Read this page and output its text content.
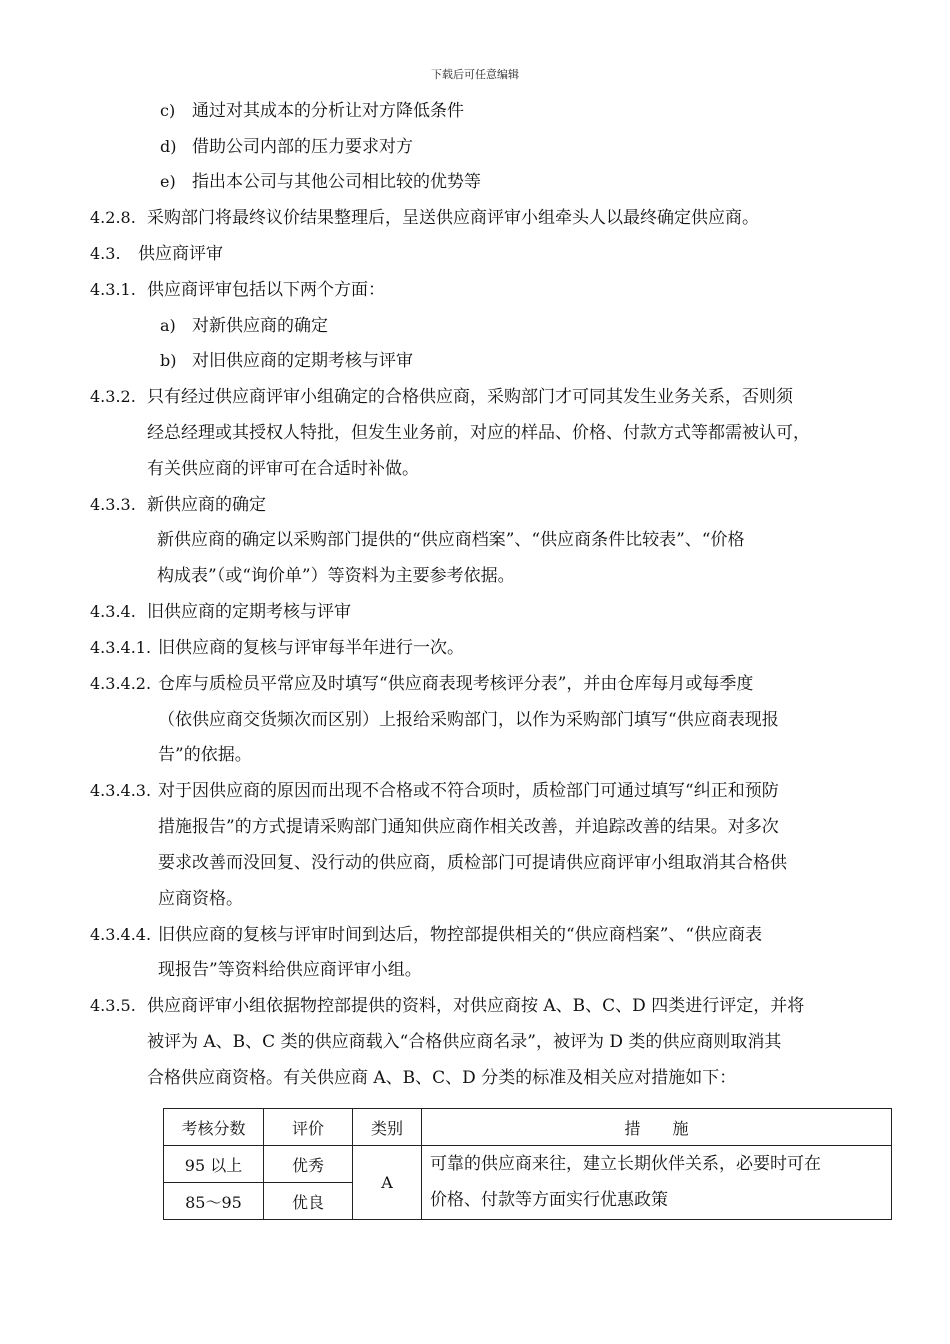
下载后可任意编辑
c) 通过对其成本的分析让对方降低条件
d) 借助公司内部的压力要求对方
e) 指出本公司与其他公司相比较的优势等
4.2.8. 采购部门将最终议价结果整理后，呈送供应商评审小组牵头人以最终确定供应商。
4.3. 供应商评审
4.3.1. 供应商评审包括以下两个方面：
a) 对新供应商的确定
b) 对旧供应商的定期考核与评审
4.3.2. 只有经过供应商评审小组确定的合格供应商，采购部门才可同其发生业务关系，否则须
经总经理或其授权人特批，但发生业务前，对应的样品、价格、付款方式等都需被认可，
有关供应商的评审可在合适时补做。
4.3.3. 新供应商的确定
新供应商的确定以采购部门提供的“供应商档案”、“供应商条件比较表”、“价格
构成表”（或“询价单”）等资料为主要参考依据。
4.3.4. 旧供应商的定期考核与评审
4.3.4.1. 旧供应商的复核与评审每半年进行一次。
4.3.4.2. 仓库与质检员平常应及时填写“供应商表现考核评分表”，并由仓库每月或每季度
（依供应商交货频次而区别）上报给采购部门，以作为采购部门填写“供应商表现报
告”的依据。
4.3.4.3. 对于因供应商的原因而出现不合格或不符合项时，质检部门可通过填写“纠正和预防
措施报告”的方式提请采购部门通知供应商作相关改善，并追踪改善的结果。对多次
要求改善而没回复、没行动的供应商，质检部门可提请供应商评审小组取消其合格供
应商资格。
4.3.4.4. 旧供应商的复核与评审时间到达后，物控部提供相关的“供应商档案”、“供应商表
现报告”等资料给供应商评审小组。
4.3.5. 供应商评审小组依据物控部提供的资料，对供应商按 A、B、C、D 四类进行评定，并将
被评为 A、B、C 类的供应商载入“合格供应商名录”，被评为 D 类的供应商则取消其
合格供应商资格。有关供应商 A、B、C、D 分类的标准及相关应对措施如下：
考核分数	评价	类别	措　　施
95 以上	优秀	A	可靠的供应商来往，建立长期伙伴关系，必要时可在
价格、付款等方面实行优惠政策

85～95	优良		
